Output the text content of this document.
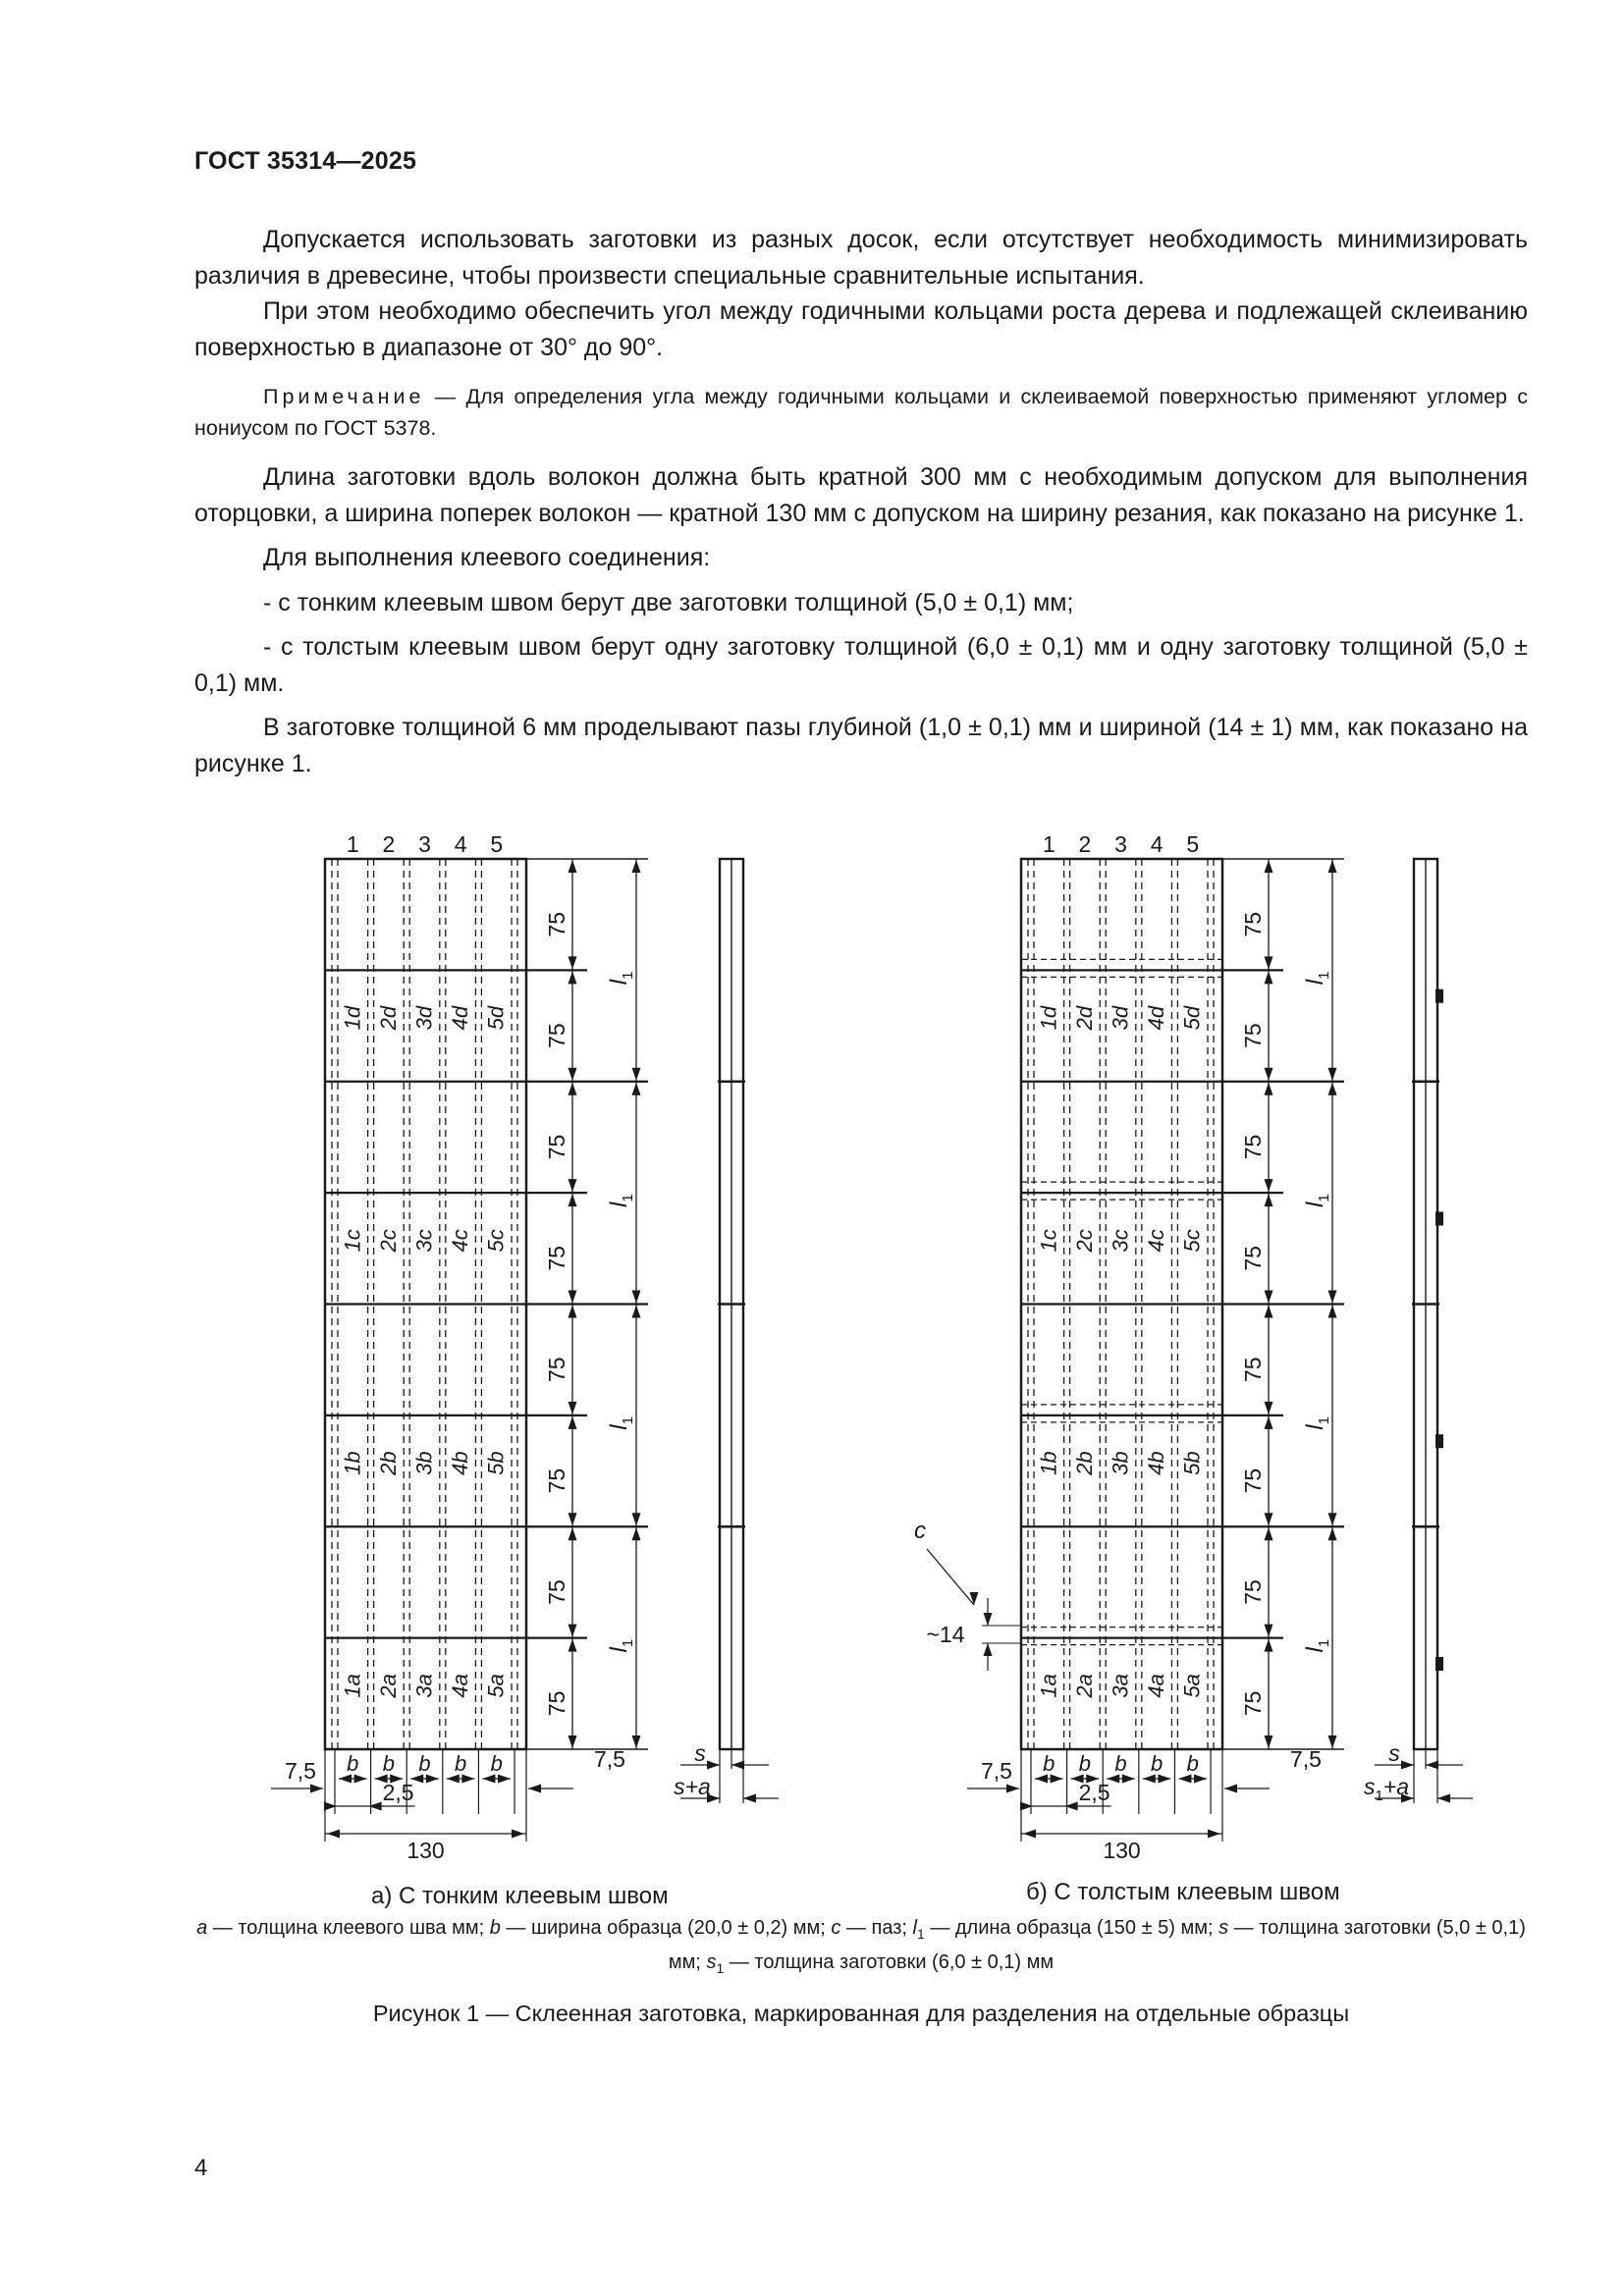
ГОСТ 35314—2025

Допускается использовать заготовки из разных досок, если отсутствует необходимость минимизировать различия в древесине, чтобы произвести специальные сравнительные испытания.

При этом необходимо обеспечить угол между годичными кольцами роста дерева и подлежащей склеиванию поверхностью в диапазоне от 30° до 90°.

Примечание — Для определения угла между годичными кольцами и склеиваемой поверхностью применяют угломер с нониусом по ГОСТ 5378.

Длина заготовки вдоль волокон должна быть кратной 300 мм с необходимым допуском для выполнения оторцовки, а ширина поперек волокон — кратной 130 мм с допуском на ширину резания, как показано на рисунке 1.

Для выполнения клеевого соединения:

- с тонким клеевым швом берут две заготовки толщиной (5,0 ± 0,1) мм;

- с толстым клеевым швом берут одну заготовку толщиной (6,0 ± 0,1) мм и одну заготовку толщиной (5,0 ± 0,1) мм.

В заготовке толщиной 6 мм проделывают пазы глубиной (1,0 ± 0,1) мм и шириной (14 ± 1) мм, как показано на рисунке 1.

1 2 3 4 5
1a 2a 3a 4a 5a
1b 2b 3b 4b 5b
1c 2c 3c 4c 5c
1d 2d 3d 4d 5d
75
75
75
75
75
75
75
75
$l_1$
$l_1$
$l_1$
$l_1$
b b b b b
7,5	7,5
2,5
130
1 2 3 4 5
1a 2a 3a 4a 5a
1b 2b 3b 4b 5b
1c 2c 3c 4c 5c
1d 2d 3d 4d 5d
75
75
75
75
75
75
75
75
$l_1$
$l_1$
$l_1$
$l_1$
b b b b b
7,5	7,5
2,5
130
s
s+a
s
$s_1+a$
c
~14
а) С тонким клеевым швом	б) С толстым клеевым швом
a — толщина клеевого шва мм; b — ширина образца (20,0 ± 0,2) мм; c — паз; $l_1$ — длина образца (150 ± 5) мм; s — толщина заготовки (5,0 ± 0,1) мм; $s_1$ — толщина заготовки (6,0 ± 0,1) мм
Рисунок 1 — Склеенная заготовка, маркированная для разделения на отдельные образцы
4
